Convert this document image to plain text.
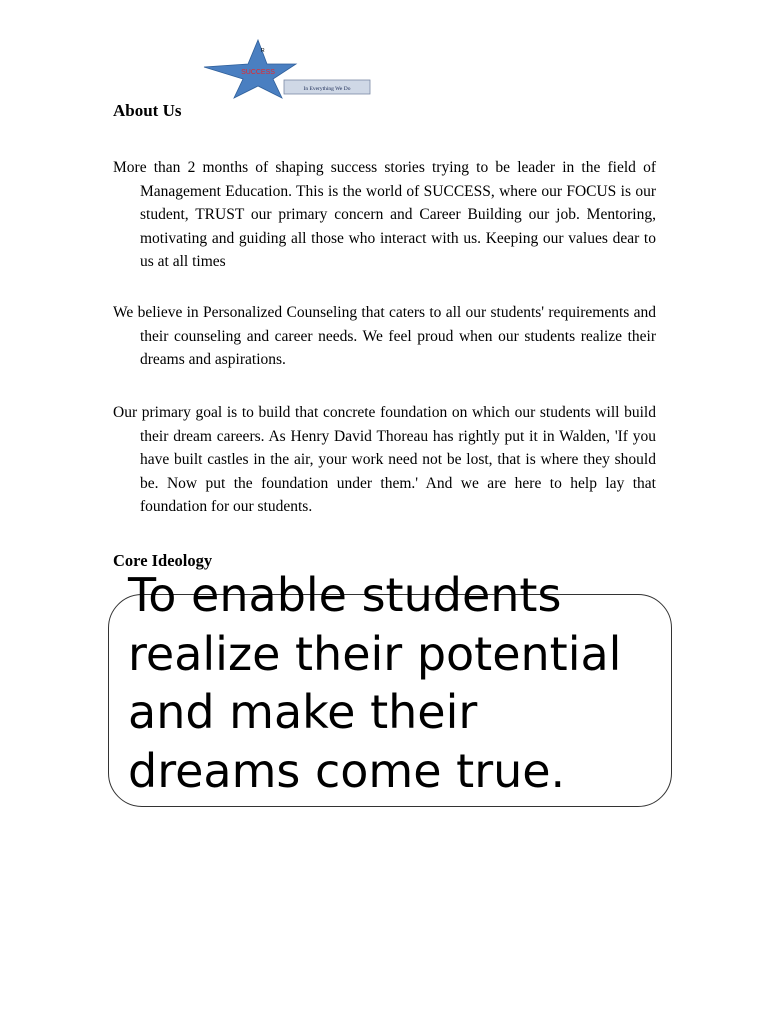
SUCCESS
R
In Everything We Do
About Us

More than 2 months of shaping success stories trying to be leader in the field of Management Education. This is the world of SUCCESS, where our FOCUS is our student, TRUST our primary concern and Career Building our job. Mentoring, motivating and guiding all those who interact with us. Keeping our values dear to us at all times

We believe in Personalized Counseling that caters to all our students' requirements and their counseling and career needs. We feel proud when our students realize their dreams and aspirations.

Our primary goal is to build that concrete foundation on which our students will build their dream careers. As Henry David Thoreau has rightly put it in Walden, 'If you have built castles in the air, your work need not be lost, that is where they should be. Now put the foundation under them.' And we are here to help lay that foundation for our students.

Core Ideology

To enable students realize their potential and make their dreams come true.
